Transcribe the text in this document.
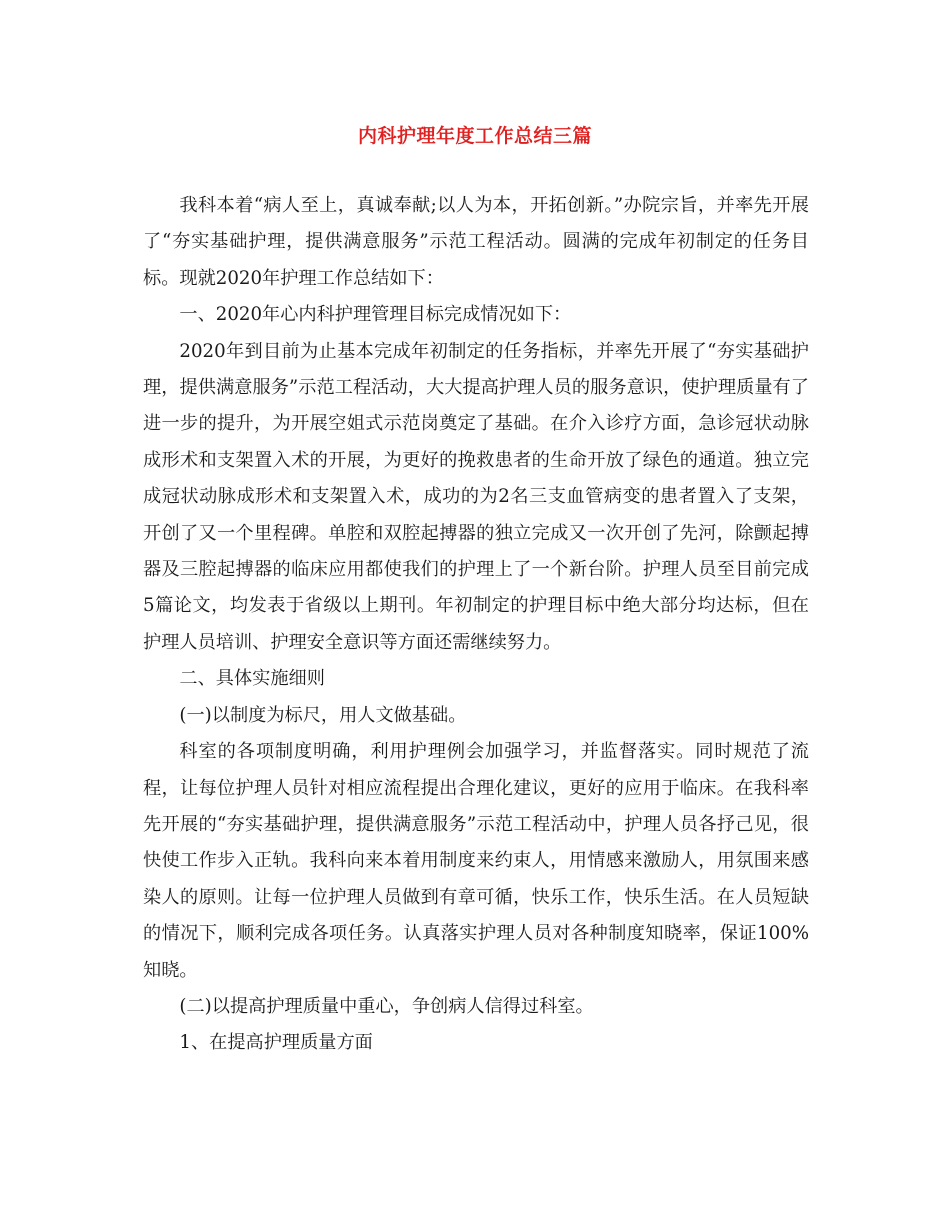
内科护理年度工作总结三篇

我科本着“病人至上，真诚奉献;以人为本，开拓创新。”办院宗旨，并率先开展了“夯实基础护理，提供满意服务”示范工程活动。圆满的完成年初制定的任务目标。现就2020年护理工作总结如下：

一、2020年心内科护理管理目标完成情况如下：

2020年到目前为止基本完成年初制定的任务指标，并率先开展了“夯实基础护理，提供满意服务”示范工程活动，大大提高护理人员的服务意识，使护理质量有了进一步的提升，为开展空姐式示范岗奠定了基础。在介入诊疗方面，急诊冠状动脉成形术和支架置入术的开展，为更好的挽救患者的生命开放了绿色的通道。独立完成冠状动脉成形术和支架置入术，成功的为2名三支血管病变的患者置入了支架，开创了又一个里程碑。单腔和双腔起搏器的独立完成又一次开创了先河，除颤起搏器及三腔起搏器的临床应用都使我们的护理上了一个新台阶。护理人员至目前完成5篇论文，均发表于省级以上期刊。年初制定的护理目标中绝大部分均达标，但在护理人员培训、护理安全意识等方面还需继续努力。

二、具体实施细则

(一)以制度为标尺，用人文做基础。

科室的各项制度明确，利用护理例会加强学习，并监督落实。同时规范了流程，让每位护理人员针对相应流程提出合理化建议，更好的应用于临床。在我科率先开展的“夯实基础护理，提供满意服务”示范工程活动中，护理人员各抒己见，很快使工作步入正轨。我科向来本着用制度来约束人，用情感来激励人，用氛围来感染人的原则。让每一位护理人员做到有章可循，快乐工作，快乐生活。在人员短缺的情况下，顺利完成各项任务。认真落实护理人员对各种制度知晓率，保证100%知晓。

(二)以提高护理质量中重心，争创病人信得过科室。

1、在提高护理质量方面
